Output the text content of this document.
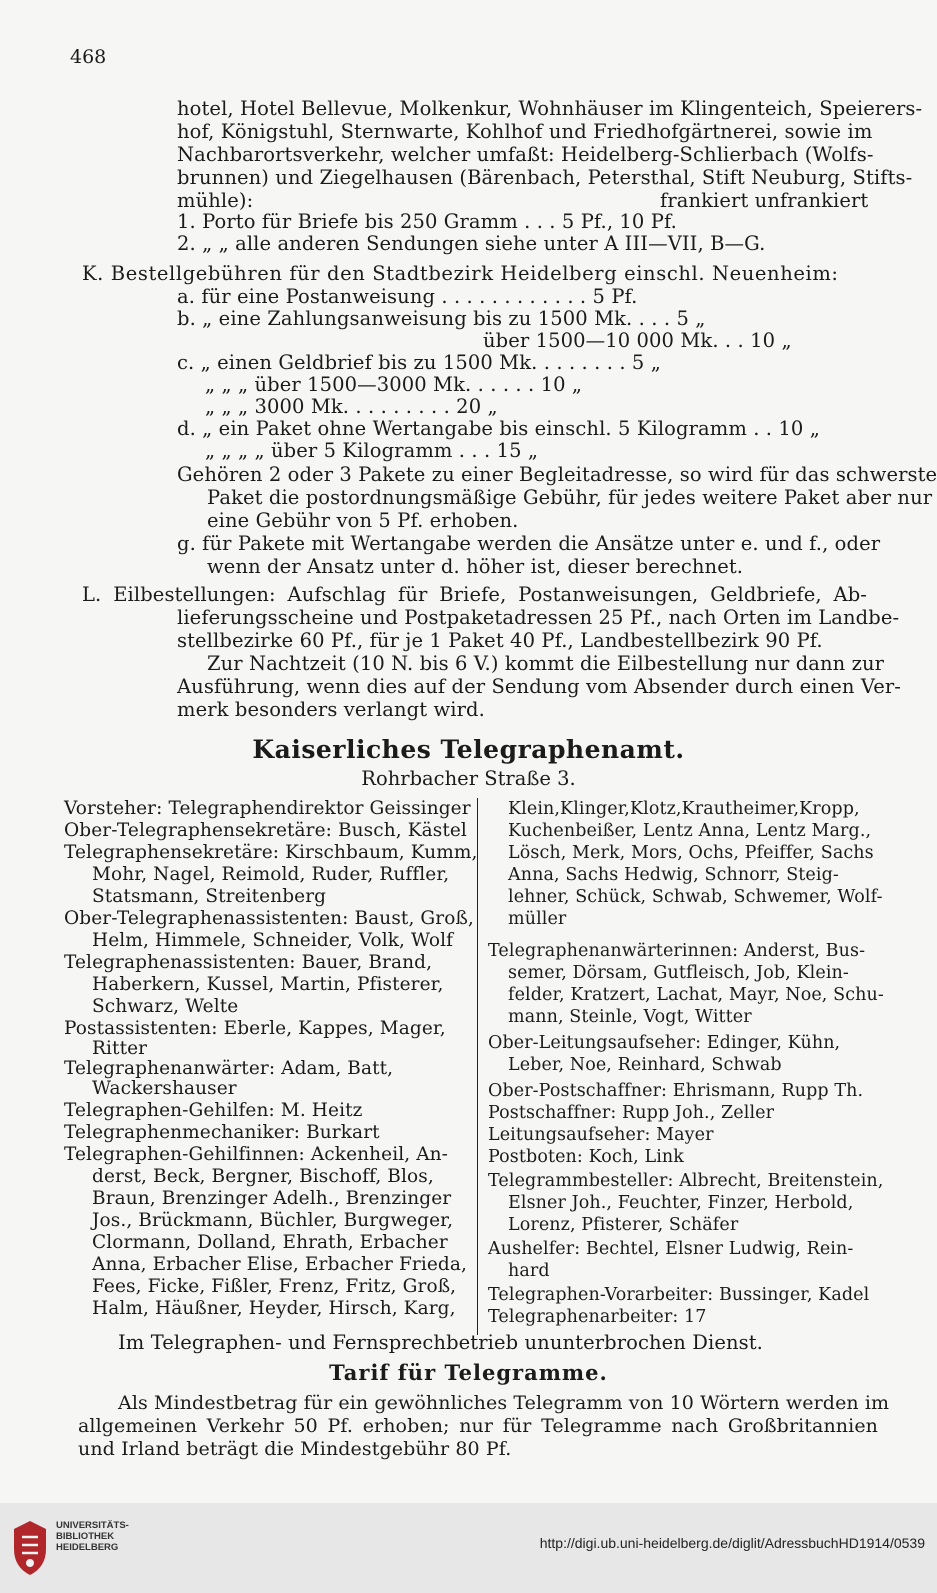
468
hotel, Hotel Bellevue, Molkenkur, Wohnhäuser im Klingenteich, Speierers-
hof, Königstuhl, Sternwarte, Kohlhof und Friedhofgärtnerei, sowie im
Nachbarortsverkehr, welcher umfaßt: Heidelberg-Schlierbach (Wolfs-
brunnen) und Ziegelhausen (Bärenbach, Petersthal, Stift Neuburg, Stifts-
mühle):	frankiert unfrankiert
1. Porto für Briefe bis 250 Gramm . . . 5 Pf., 10 Pf.
2. „ „ alle anderen Sendungen siehe unter A III—VII, B—G.
K. Bestellgebühren für den Stadtbezirk Heidelberg einschl. Neuenheim:
a. für eine Postanweisung . . . . . . . . . . . . 5 Pf.
b. „ eine Zahlungsanweisung bis zu 1500 Mk. . . . 5 „
über 1500—10 000 Mk. . . 10 „
c. „ einen Geldbrief bis zu 1500 Mk. . . . . . . . 5 „
„ „ „ über 1500—3000 Mk. . . . . . 10 „
„ „ „ 3000 Mk. . . . . . . . . 20 „
d. „ ein Paket ohne Wertangabe bis einschl. 5 Kilogramm . . 10 „
„ „ „ „ über 5 Kilogramm . . . 15 „
Gehören 2 oder 3 Pakete zu einer Begleitadresse, so wird für das schwerste
Paket die postordnungsmäßige Gebühr, für jedes weitere Paket aber nur
eine Gebühr von 5 Pf. erhoben.
g. für Pakete mit Wertangabe werden die Ansätze unter e. und f., oder
wenn der Ansatz unter d. höher ist, dieser berechnet.
L. Eilbestellungen: Aufschlag für Briefe, Postanweisungen, Geldbriefe, Ab-
lieferungsscheine und Postpaketadressen 25 Pf., nach Orten im Landbe-
stellbezirke 60 Pf., für je 1 Paket 40 Pf., Landbestellbezirk 90 Pf.
Zur Nachtzeit (10 N. bis 6 V.) kommt die Eilbestellung nur dann zur
Ausführung, wenn dies auf der Sendung vom Absender durch einen Ver-
merk besonders verlangt wird.
Kaiserliches Telegraphenamt.
Rohrbacher Straße 3.
Vorsteher: Telegraphendirektor Geissinger
Ober-Telegraphensekretäre: Busch, Kästel
Telegraphensekretäre: Kirschbaum, Kumm,
Mohr, Nagel, Reimold, Ruder, Ruffler,
Statsmann, Streitenberg
Ober-Telegraphenassistenten: Baust, Groß,
Helm, Himmele, Schneider, Volk, Wolf
Telegraphenassistenten: Bauer, Brand,
Haberkern, Kussel, Martin, Pfisterer,
Schwarz, Welte
Postassistenten: Eberle, Kappes, Mager,
Ritter
Telegraphenanwärter: Adam, Batt,
Wackershauser
Telegraphen-Gehilfen: M. Heitz
Telegraphenmechaniker: Burkart
Telegraphen-Gehilfinnen: Ackenheil, An-
derst, Beck, Bergner, Bischoff, Blos,
Braun, Brenzinger Adelh., Brenzinger
Jos., Brückmann, Büchler, Burgweger,
Clormann, Dolland, Ehrath, Erbacher
Anna, Erbacher Elise, Erbacher Frieda,
Fees, Ficke, Fißler, Frenz, Fritz, Groß,
Halm, Häußner, Heyder, Hirsch, Karg,
Klein,Klinger,Klotz,Krautheimer,Kropp,
Kuchenbeißer, Lentz Anna, Lentz Marg.,
Lösch, Merk, Mors, Ochs, Pfeiffer, Sachs
Anna, Sachs Hedwig, Schnorr, Steig-
lehner, Schück, Schwab, Schwemer, Wolf-
müller
Telegraphenanwärterinnen: Anderst, Bus-
semer, Dörsam, Gutfleisch, Job, Klein-
felder, Kratzert, Lachat, Mayr, Noe, Schu-
mann, Steinle, Vogt, Witter
Ober-Leitungsaufseher: Edinger, Kühn,
Leber, Noe, Reinhard, Schwab
Ober-Postschaffner: Ehrismann, Rupp Th.
Postschaffner: Rupp Joh., Zeller
Leitungsaufseher: Mayer
Postboten: Koch, Link
Telegrammbesteller: Albrecht, Breitenstein,
Elsner Joh., Feuchter, Finzer, Herbold,
Lorenz, Pfisterer, Schäfer
Aushelfer: Bechtel, Elsner Ludwig, Rein-
hard
Telegraphen-Vorarbeiter: Bussinger, Kadel
Telegraphenarbeiter: 17
Im Telegraphen- und Fernsprechbetrieb ununterbrochen Dienst.
Tarif für Telegramme.
Als Mindestbetrag für ein gewöhnliches Telegramm von 10 Wörtern werden im
allgemeinen Verkehr 50 Pf. erhoben; nur für Telegramme nach Großbritannien
und Irland beträgt die Mindestgebühr 80 Pf.
UNIVERSITÄTS-
BIBLIOTHEK
HEIDELBERG	http://digi.ub.uni-heidelberg.de/diglit/AdressbuchHD1914/0539
